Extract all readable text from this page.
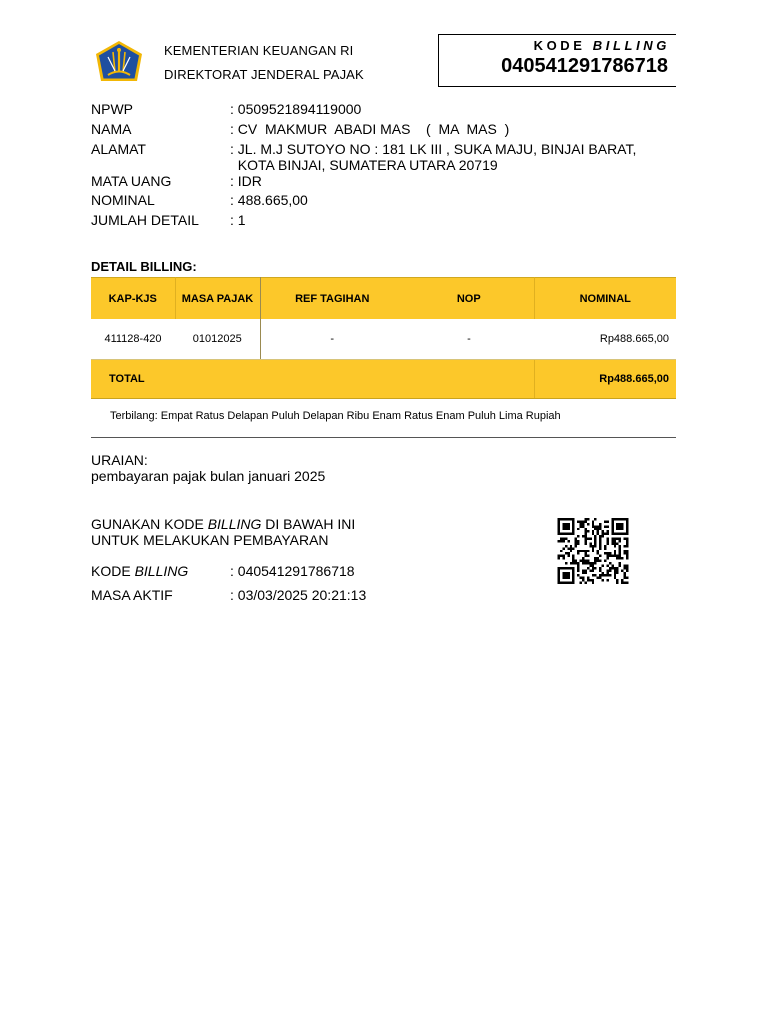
KEMENTERIAN KEUANGAN RI
DIREKTORAT JENDERAL PAJAK
KODE BILLING
040541291786718
NPWP	: 0509521894119000
NAMA	: CV  MAKMUR  ABADI MAS    (  MA  MAS  )
ALAMAT	: JL. M.J SUTOYO NO : 181 LK III , SUKA MAJU, BINJAI BARAT,
KOTA BINJAI, SUMATERA UTARA 20719
MATA UANG	: IDR
NOMINAL	: 488.665,00
JUMLAH DETAIL : 1
DETAIL BILLING:
KAP-KJS	MASA PAJAK	REF TAGIHAN	NOP	NOMINAL
411128-420	01012025	-	-	Rp488.665,00
TOTAL				Rp488.665,00
Terbilang: Empat Ratus Delapan Puluh Delapan Ribu Enam Ratus Enam Puluh Lima Rupiah
URAIAN:
pembayaran pajak bulan januari 2025
GUNAKAN KODE BILLING DI BAWAH INI
UNTUK MELAKUKAN PEMBAYARAN
KODE BILLING	: 040541291786718
MASA AKTIF	: 03/03/2025 20:21:13
